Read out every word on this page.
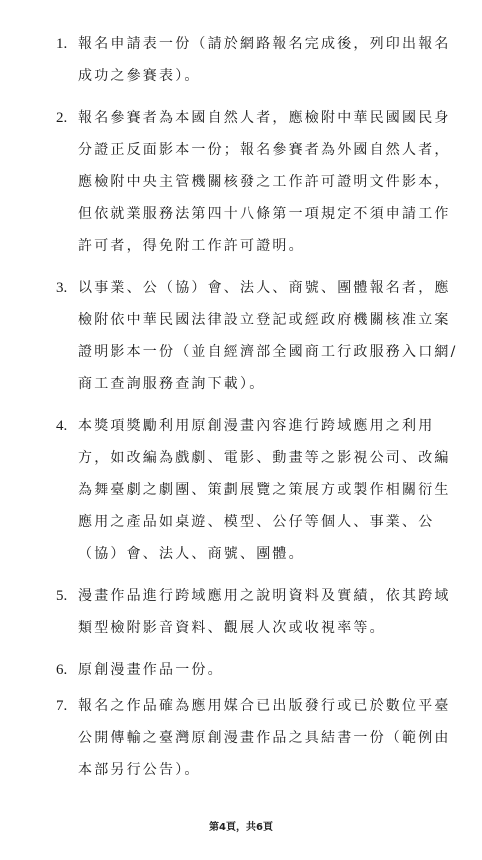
1. 報名申請表一份（請於網路報名完成後，列印出報名成功之參賽表）。
2. 報名參賽者為本國自然人者，應檢附中華民國國民身分證正反面影本一份；報名參賽者為外國自然人者，應檢附中央主管機關核發之工作許可證明文件影本，但依就業服務法第四十八條第一項規定不須申請工作許可者，得免附工作許可證明。
3. 以事業、公（協）會、法人、商號、團體報名者，應檢附依中華民國法律設立登記或經政府機關核准立案證明影本一份（並自經濟部全國商工行政服務入口網/商工查詢服務查詢下載）。
4. 本獎項獎勵利用原創漫畫內容進行跨域應用之利用方，如改編為戲劇、電影、動畫等之影視公司、改編為舞臺劇之劇團、策劃展覽之策展方或製作相關衍生應用之產品如桌遊、模型、公仔等個人、事業、公（協）會、法人、商號、團體。
5. 漫畫作品進行跨域應用之說明資料及實績，依其跨域類型檢附影音資料、觀展人次或收視率等。
6. 原創漫畫作品一份。
7. 報名之作品確為應用媒合已出版發行或已於數位平臺公開傳輸之臺灣原創漫畫作品之具結書一份（範例由本部另行公告）。
第4頁，共6頁
